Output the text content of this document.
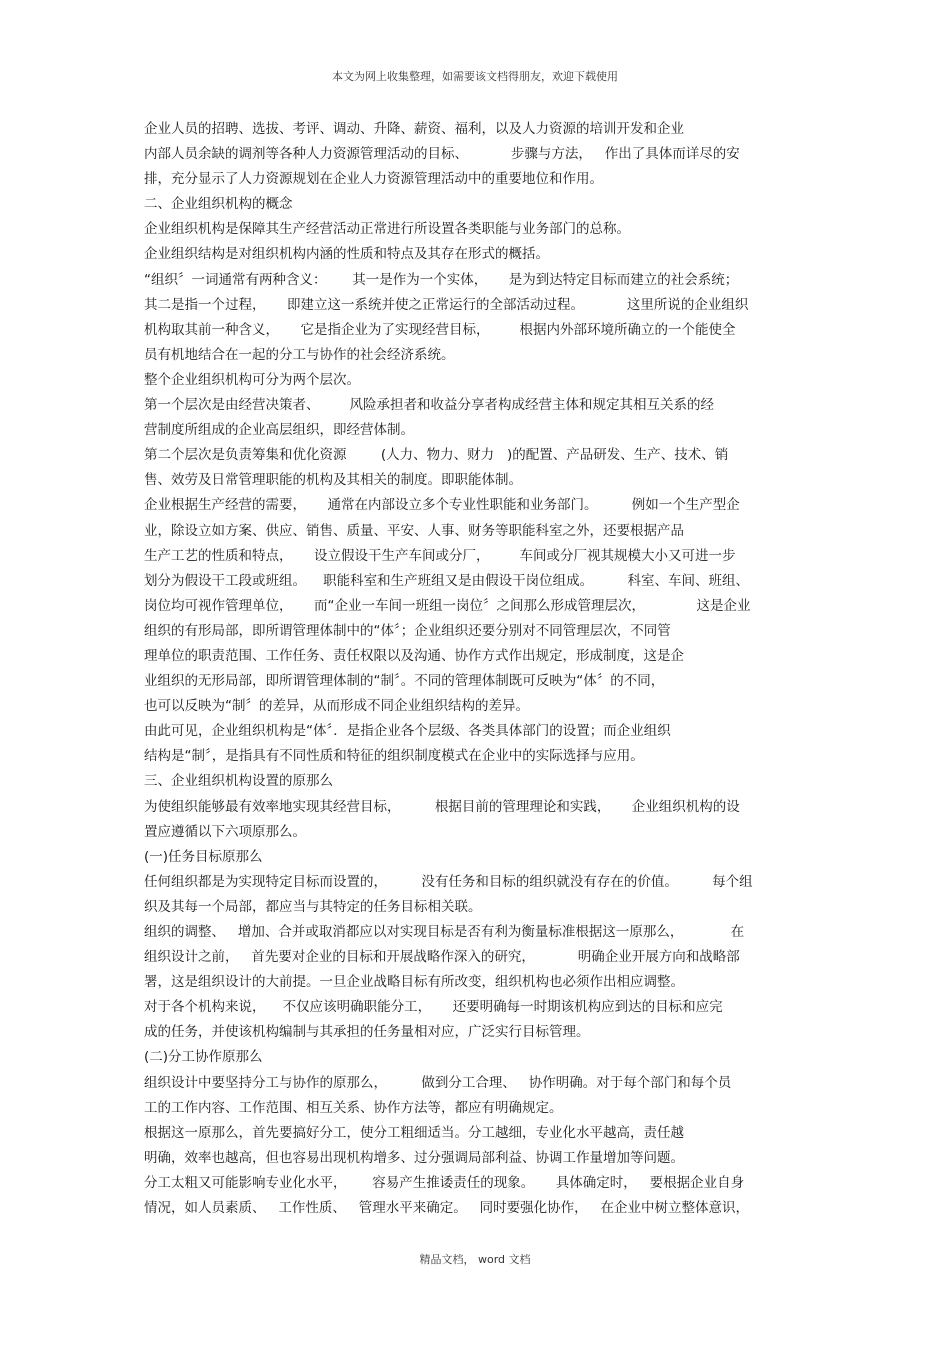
本文为网上收集整理，如需要该文档得朋友，欢迎下载使用
企业人员的招聘、选拔、考评、调动、升降、薪资、福利，以及人力资源的培训开发和企业
内部人员余缺的调剂等各种人力资源管理活动的目标、          步骤与方法，   作出了具体而详尽的安
排，充分显示了人力资源规划在企业人力资源管理活动中的重要地位和作用。
二、企业组织机构的概念
企业组织机构是保障其生产经营活动正常进行所设置各类职能与业务部门的总称。
企业组织结构是对组织机构内涵的性质和特点及其存在形式的概括。
“组织〞一词通常有两种含义：      其一是作为一个实体，     是为到达特定目标而建立的社会系统；
其二是指一个过程，     即建立这一系统并使之正常运行的全部活动过程。          这里所说的企业组织
机构取其前一种含义，     它是指企业为了实现经营目标，       根据内外部环境所确立的一个能使全
员有机地结合在一起的分工与协作的社会经济系统。
整个企业组织机构可分为两个层次。
第一个层次是由经营决策者、       风险承担者和收益分享者构成经营主体和规定其相互关系的经
营制度所组成的企业高层组织，即经营体制。
第二个层次是负责筹集和优化资源        (人力、物力、财力   )的配置、产品研发、生产、技术、销
售、效劳及日常管理职能的机构及其相关的制度。即职能体制。
企业根据生产经营的需要，     通常在内部设立多个专业性职能和业务部门。        例如一个生产型企
业，除设立如方案、供应、销售、质量、平安、人事、财务等职能科室之外，还要根据产品
生产工艺的性质和特点，     设立假设干生产车间或分厂，       车间或分厂视其规模大小又可进一步
划分为假设干工段或班组。    职能科室和生产班组又是由假设干岗位组成。        科室、车间、班组、
岗位均可视作管理单位，     而“企业一车间一班组一岗位〞之间那么形成管理层次，            这是企业
组织的有形局部，即所谓管理体制中的“体〞；企业组织还要分别对不同管理层次，不同管
理单位的职责范围、工作任务、责任权限以及沟通、协作方式作出规定，形成制度，这是企
业组织的无形局部，即所谓管理体制的“制〞。不同的管理体制既可反映为“体〞的不同，
也可以反映为“制〞的差异，从而形成不同企业组织结构的差异。
由此可见，企业组织机构是“体〞．是指企业各个层级、各类具体部门的设置；而企业组织
结构是“制〞，是指具有不同性质和特征的组织制度模式在企业中的实际选择与应用。
三、企业组织机构设置的原那么
为使组织能够最有效率地实现其经营目标，        根据目前的管理理论和实践，     企业组织机构的设
置应遵循以下六项原那么。
(一)任务目标原那么
任何组织都是为实现特定目标而设置的，        没有任务和目标的组织就没有存在的价值。        每个组
织及其每一个局部，都应当与其特定的任务目标相关联。
组织的调整、   增加、合并或取消都应以对实现目标是否有利为衡量标准根据这一原那么，           在
组织设计之前，   首先要对企业的目标和开展战略作深入的研究，          明确企业开展方向和战略部
署，这是组织设计的大前提。一旦企业战略目标有所改变，组织机构也必须作出相应调整。
对于各个机构来说，    不仅应该明确职能分工，     还要明确每一时期该机构应到达的目标和应完
成的任务，并使该机构编制与其承担的任务量相对应，广泛实行目标管理。
(二)分工协作原那么
组织设计中要坚持分工与协作的原那么，        做到分工合理、   协作明确。对于每个部门和每个员
工的工作内容、工作范围、相互关系、协作方法等，都应有明确规定。
根据这一原那么，首先要搞好分工，使分工粗细适当。分工越细，专业化水平越高，责任越
明确，效率也越高，但也容易出现机构增多、过分强调局部利益、协调工作量增加等问题。
分工太粗又可能影响专业化水平，      容易产生推诿责任的现象。     具体确定时，   要根据企业自身
情况，如人员素质、   工作性质、   管理水平来确定。   同时要强化协作，   在企业中树立整体意识，
精品文档， word 文档
